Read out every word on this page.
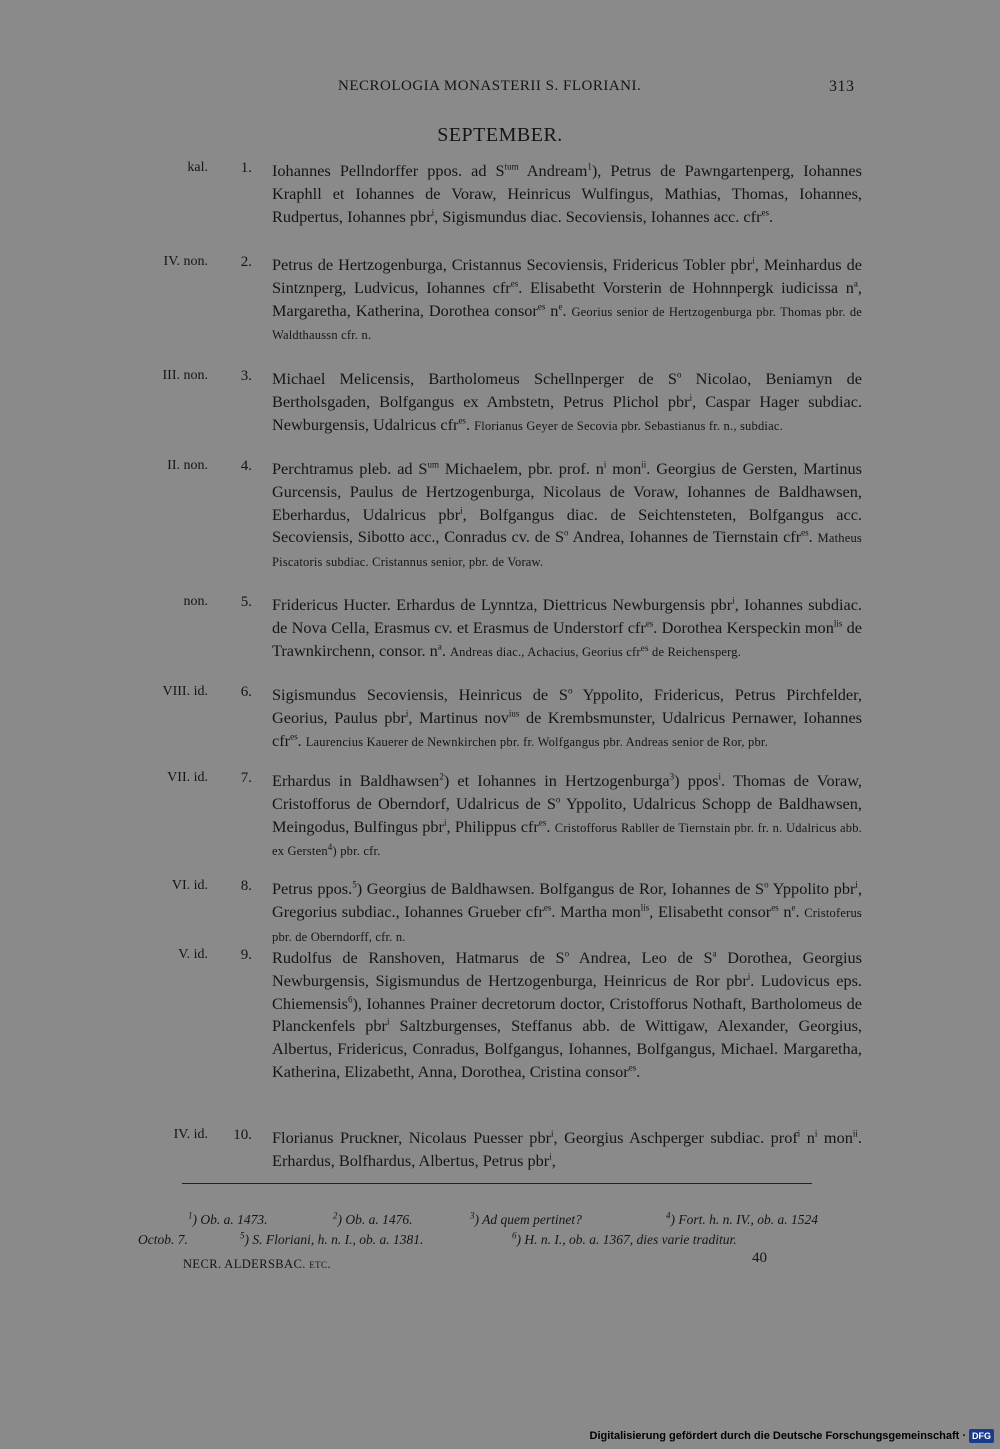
NECROLOGIA MONASTERII S. FLORIANI.	313
SEPTEMBER.
kal. 1. Iohannes Pellndorffer ppos. ad $S^{tum}$ Andream$^1$), Petrus de Pawngartenperg, Iohannes Kraphll et Iohannes de Voraw, Heinricus Wulfingus, Mathias, Thomas, Iohannes, Rudpertus, Iohannes pbr$^i$, Sigismundus diac. Secoviensis, Iohannes acc. cfr$^{es}$.
IV. non. 2. Petrus de Hertzogenburga, Cristannus Secoviensis, Fridericus Tobler pbr$^i$, Meinhardus de Sintznperg, Ludvicus, Iohannes cfr$^{es}$. Elisabetht Vorsterin de Hohnnpergk iudicissa $n^a$, Margaretha, Katherina, Dorothea consor$^{es}$ $n^e$. Georius senior de Hertzogenburga pbr. Thomas pbr. de Waldthaussn cfr. n.
III. non. 3. Michael Melicensis, Bartholomeus Schellnperger de $S^o$ Nicolao, Beniamyn de Bertholsgaden, Bolfgangus ex Ambstetn, Petrus Plichol pbr$^i$, Caspar Hager subdiac. Newburgensis, Udalricus cfr$^{es}$. Florianus Geyer de Secovia pbr. Sebastianus fr. n., subdiac.
II. non. 4. Perchtramus pleb. ad $S^{um}$ Michaelem, pbr. prof. $n^i$ mon$^{ii}$. Georgius de Gersten, Martinus Gurcensis, Paulus de Hertzogenburga, Nicolaus de Voraw, Iohannes de Baldhawsen, Eberhardus, Udalricus pbr$^i$, Bolfgangus diac. de Seichtensteten, Bolfgangus acc. Secoviensis, Sibotto acc., Conradus cv. de $S^o$ Andrea, Iohannes de Tiernstain cfr$^{es}$. Matheus Piscatoris subdiac. Cristannus senior, pbr. de Voraw.
non. 5. Fridericus Hucter. Erhardus de Lynntza, Diettricus Newburgensis pbr$^i$, Iohannes subdiac. de Nova Cella, Erasmus cv. et Erasmus de Understorf cfr$^{es}$. Dorothea Kerspeckin mon$^{lis}$ de Trawnkirchenn, consor. $n^a$. Andreas diac., Achacius, Georius cfr$^{es}$ de Reichensperg.
VIII. id. 6. Sigismundus Secoviensis, Heinricus de $S^o$ Yppolito, Fridericus, Petrus Pirchfelder, Georius, Paulus pbr$^i$, Martinus nov$^{ius}$ de Krembsmunster, Udalricus Pernawer, Iohannes cfr$^{es}$. Laurencius Kauerer de Newnkirchen pbr. fr. Wolfgangus pbr. Andreas senior de Ror, pbr.
VII. id. 7. Erhardus in Baldhawsen$^2$) et Iohannes in Hertzogenburga$^3$) ppos$^i$. Thomas de Voraw, Cristofforus de Oberndorf, Udalricus de $S^o$ Yppolito, Udalricus Schopp de Baldhawsen, Meingodus, Bulfingus pbr$^i$, Philippus cfr$^{es}$. Cristofforus Rabller de Tiernstain pbr. fr. n. Udalricus abb. ex Gersten$^4$) pbr. cfr.
VI. id. 8. Petrus ppos.$^5$) Georgius de Baldhawsen. Bolfgangus de Ror, Iohannes de $S^o$ Yppolito pbr$^i$, Gregorius subdiac., Iohannes Grueber cfr$^{es}$. Martha mon$^{lis}$, Elisabetht consor$^{es}$ $n^e$. Cristoferus pbr. de Oberndorff, cfr. n.
V. id. 9. Rudolfus de Ranshoven, Hatmarus de $S^o$ Andrea, Leo de $S^a$ Dorothea, Georgius Newburgensis, Sigismundus de Hertzogenburga, Heinricus de Ror pbr$^i$. Ludovicus eps. Chiemensis$^6$), Iohannes Prainer decretorum doctor, Cristofforus Nothaft, Bartholomeus de Planckenfels pbr$^i$ Saltzburgenses, Steffanus abb. de Wittigaw, Alexander, Georgius, Albertus, Fridericus, Conradus, Bolfgangus, Iohannes, Bolfgangus, Michael. Margaretha, Katherina, Elizabetht, Anna, Dorothea, Cristina consor$^{es}$.
IV. id. 10. Florianus Pruckner, Nicolaus Puesser pbr$^i$, Georgius Aschperger subdiac. prof$^i$ $n^i$ mon$^{ii}$. Erhardus, Bolfhardus, Albertus, Petrus pbr$^i$,
$^1$) Ob. a. 1473.	$^2$) Ob. a. 1476.	$^3$) Ad quem pertinet?	$^4$) Fort. h. n. IV., ob. a. 1524
Octob. 7.	$^5$) S. Floriani, h. n. I., ob. a. 1381.	$^6$) H. n. I., ob. a. 1367, dies varie traditur.
NECR. ALDERSBAC. etc.	40
Digitalisierung gefördert durch die Deutsche Forschungsgemeinschaft · DFG
